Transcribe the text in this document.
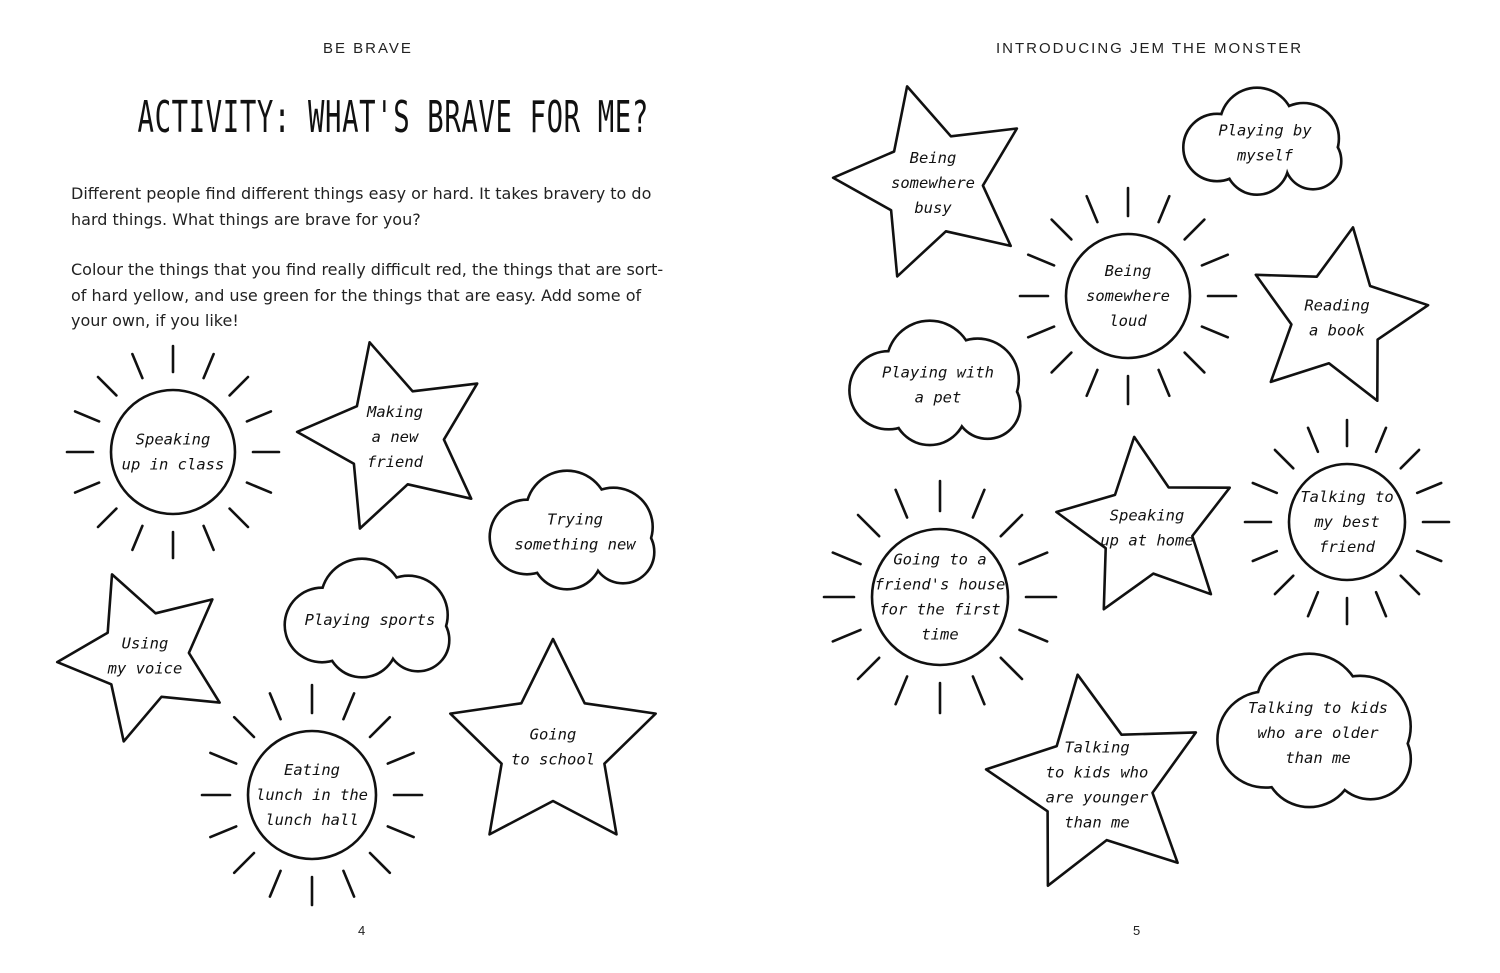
BE BRAVE
ACTIVITY: WHAT'S BRAVE FOR ME?

Different people find different things easy or hard. It takes bravery to do hard things. What things are brave for you?

Colour the things that you find really difficult red, the things that are sort-of hard yellow, and use green for the things that are easy. Add some of your own, if you like!

4
INTRODUCING JEM THE MONSTER
5
Speaking
up in class
Making
a new
friend
Trying
something new
Using
my voice
Playing sports
Going
to school
Eating
lunch in the
lunch hall
Being
somewhere
busy
Playing by
myself
Being
somewhere
loud
Reading
a book
Playing with
a pet
Going to a
friend's house
for the first
time
Speaking
up at home
Talking to
my best
friend
Talking
to kids who
are younger
than me
Talking to kids
who are older
than me
